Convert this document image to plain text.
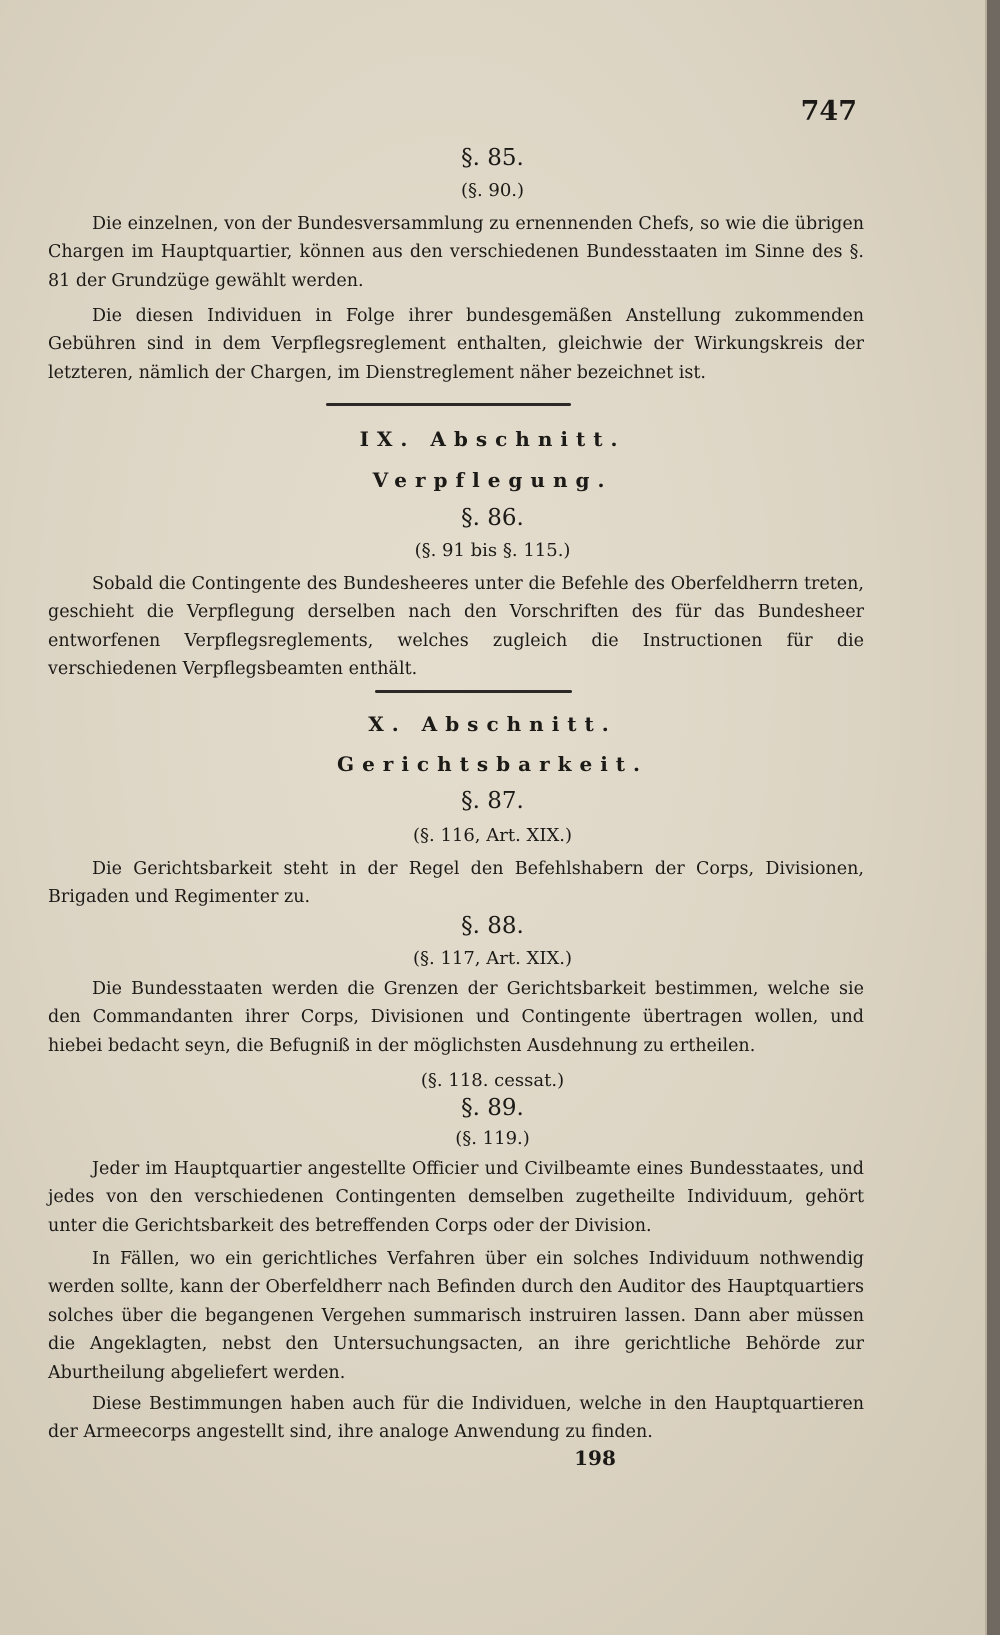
747
§. 85.
(§. 90.)
Die einzelnen, von der Bundesversammlung zu ernennenden Chefs, so wie die übrigen Chargen im Hauptquartier, können aus den verschiedenen Bundesstaaten im Sinne des §. 81 der Grundzüge gewählt werden.
Die diesen Individuen in Folge ihrer bundesgemäßen Anstellung zukommenden Gebühren sind in dem Verpflegsreglement enthalten, gleichwie der Wirkungskreis der letzteren, nämlich der Chargen, im Dienstreglement näher bezeichnet ist.
IX. Abschnitt.
Verpflegung.
§. 86.
(§. 91 bis §. 115.)
Sobald die Contingente des Bundesheeres unter die Befehle des Oberfeldherrn treten, geschieht die Verpflegung derselben nach den Vorschriften des für das Bundesheer entworfenen Verpflegsreglements, welches zugleich die Instructionen für die verschiedenen Verpflegsbeamten enthält.
X. Abschnitt.
Gerichtsbarkeit.
§. 87.
(§. 116, Art. XIX.)
Die Gerichtsbarkeit steht in der Regel den Befehlshabern der Corps, Divisionen, Brigaden und Regimenter zu.
§. 88.
(§. 117, Art. XIX.)
Die Bundesstaaten werden die Grenzen der Gerichtsbarkeit bestimmen, welche sie den Commandanten ihrer Corps, Divisionen und Contingente übertragen wollen, und hiebei bedacht seyn, die Befugniß in der möglichsten Ausdehnung zu ertheilen.
(§. 118. cessat.)
§. 89.
(§. 119.)
Jeder im Hauptquartier angestellte Officier und Civilbeamte eines Bundesstaates, und jedes von den verschiedenen Contingenten demselben zugetheilte Individuum, gehört unter die Gerichtsbarkeit des betreffenden Corps oder der Division.
In Fällen, wo ein gerichtliches Verfahren über ein solches Individuum nothwendig werden sollte, kann der Oberfeldherr nach Befinden durch den Auditor des Hauptquartiers solches über die begangenen Vergehen summarisch instruiren lassen. Dann aber müssen die Angeklagten, nebst den Untersuchungsacten, an ihre gerichtliche Behörde zur Aburtheilung abgeliefert werden.
Diese Bestimmungen haben auch für die Individuen, welche in den Hauptquartieren der Armeecorps angestellt sind, ihre analoge Anwendung zu finden.
198
